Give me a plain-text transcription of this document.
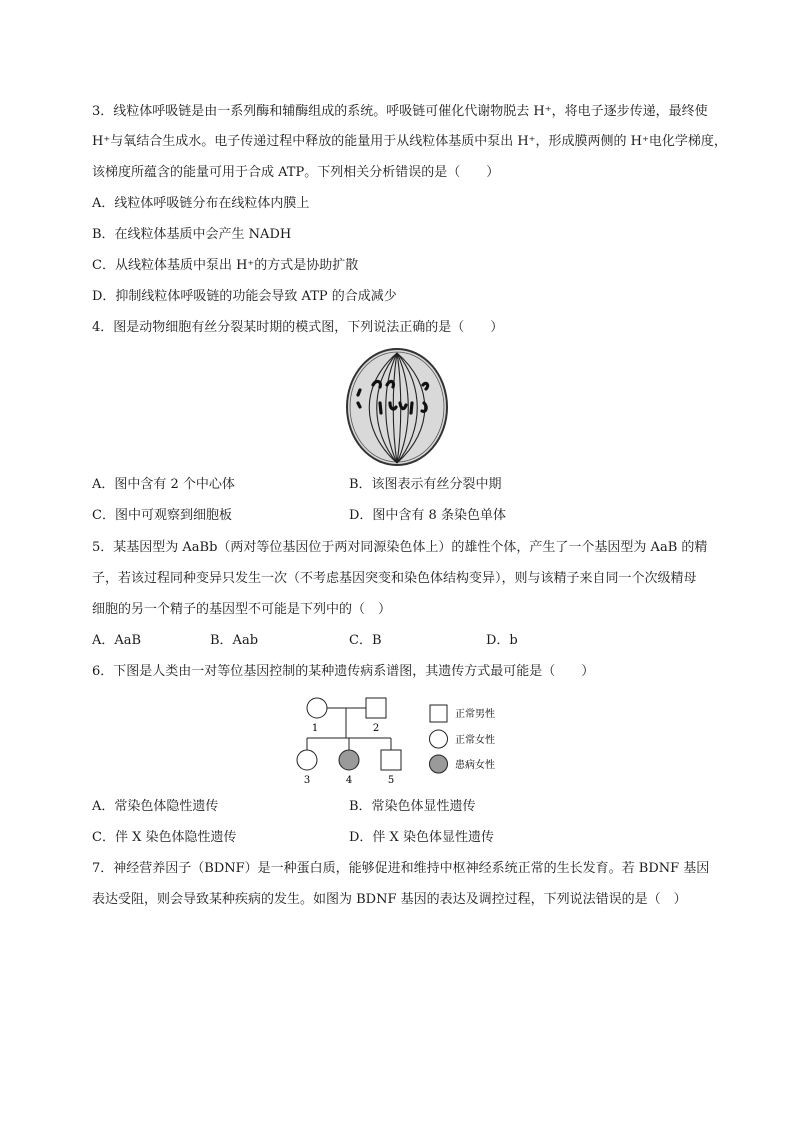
3．线粒体呼吸链是由一系列酶和辅酶组成的系统。呼吸链可催化代谢物脱去 H⁺，将电子逐步传递，最终使
H⁺与氧结合生成水。电子传递过程中释放的能量用于从线粒体基质中泵出 H⁺，形成膜两侧的 H⁺电化学梯度，
该梯度所蕴含的能量可用于合成 ATP。下列相关分析错误的是（　　）
A．线粒体呼吸链分布在线粒体内膜上
B．在线粒体基质中会产生 NADH
C．从线粒体基质中泵出 H⁺的方式是协助扩散
D．抑制线粒体呼吸链的功能会导致 ATP 的合成减少
4．图是动物细胞有丝分裂某时期的模式图，下列说法正确的是（　　）
A．图中含有 2 个中心体	B．该图表示有丝分裂中期
C．图中可观察到细胞板	D．图中含有 8 条染色单体
5．某基因型为 AaBb（两对等位基因位于两对同源染色体上）的雄性个体，产生了一个基因型为 AaB 的精
子，若该过程同种变异只发生一次（不考虑基因突变和染色体结构变异），则与该精子来自同一个次级精母
细胞的另一个精子的基因型不可能是下列中的（　）
A．AaB	B．Aab	C．B	D．b
6．下图是人类由一对等位基因控制的某种遗传病系谱图，其遗传方式最可能是（　　）
1	2
3	4	5
正常男性
正常女性
患病女性
A．常染色体隐性遗传	B．常染色体显性遗传
C．伴 X 染色体隐性遗传	D．伴 X 染色体显性遗传
7．神经营养因子（BDNF）是一种蛋白质，能够促进和维持中枢神经系统正常的生长发育。若 BDNF 基因
表达受阻，则会导致某种疾病的发生。如图为 BDNF 基因的表达及调控过程，下列说法错误的是（　）
